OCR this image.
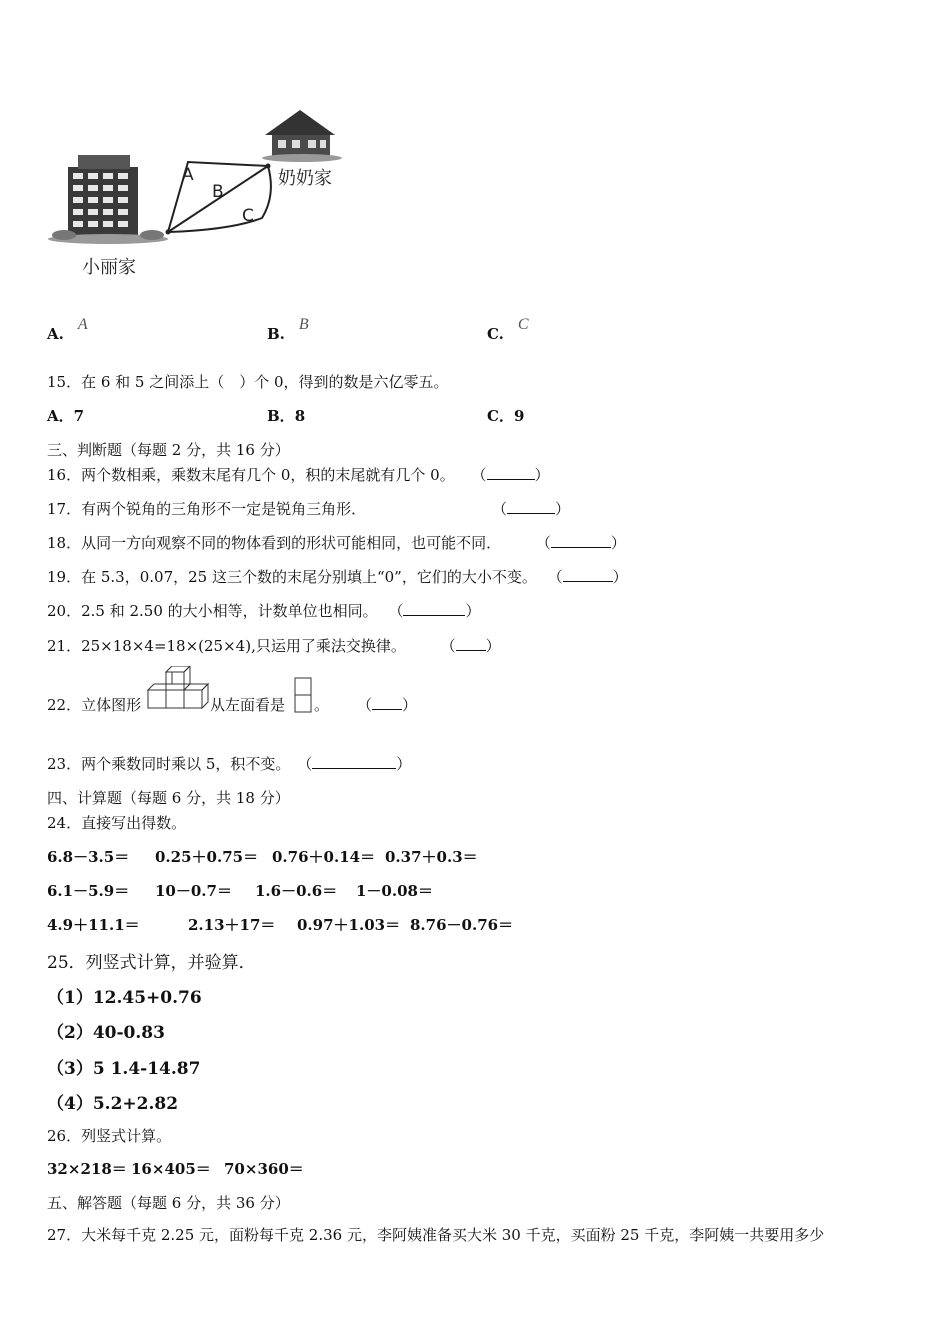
A
B
C
奶奶家
小丽家
A.A
B.B
C.C
15．在 6 和 5 之间添上（　）个 0，得到的数是六亿零五。
A．7	B．8	C．9
三、判断题（每题 2 分，共 16 分）
16．两个数相乘，乘数末尾有几个 0，积的末尾就有几个 0。 （	）
17．有两个锐角的三角形不一定是锐角三角形．	（	）
18．从同一方向观察不同的物体看到的形状可能相同，也可能不同． （	）
19．在 5.3，0.07，25 这三个数的末尾分别填上“0”，它们的大小不变。 （	）
20．2.5 和 2.50 的大小相等，计数单位也相同。 （	）
21．25×18×4=18×(25×4),只运用了乘法交换律。 （ ）
22．立体图形	从左面看是 。 （ ）
23．两个乘数同时乘以 5，积不变。 （	）
四、计算题（每题 6 分，共 18 分）
24．直接写出得数。
6.8－3.5＝ 0.25＋0.75＝ 0.76＋0.14＝ 0.37＋0.3＝
6.1－5.9＝ 10－0.7＝ 1.6－0.6＝ 1－0.08＝
4.9＋11.1＝	2.13＋17＝ 0.97＋1.03＝ 8.76－0.76＝
25．列竖式计算，并验算．
（1）12.45+0.76
（2）40-0.83
（3）5 1.4-14.87
（4）5.2+2.82
26．列竖式计算。
32×218＝ 16×405＝ 70×360＝
五、解答题（每题 6 分，共 36 分）
27．大米每千克 2.25 元，面粉每千克 2.36 元，李阿姨准备买大米 30 千克，买面粉 25 千克，李阿姨一共要用多少
